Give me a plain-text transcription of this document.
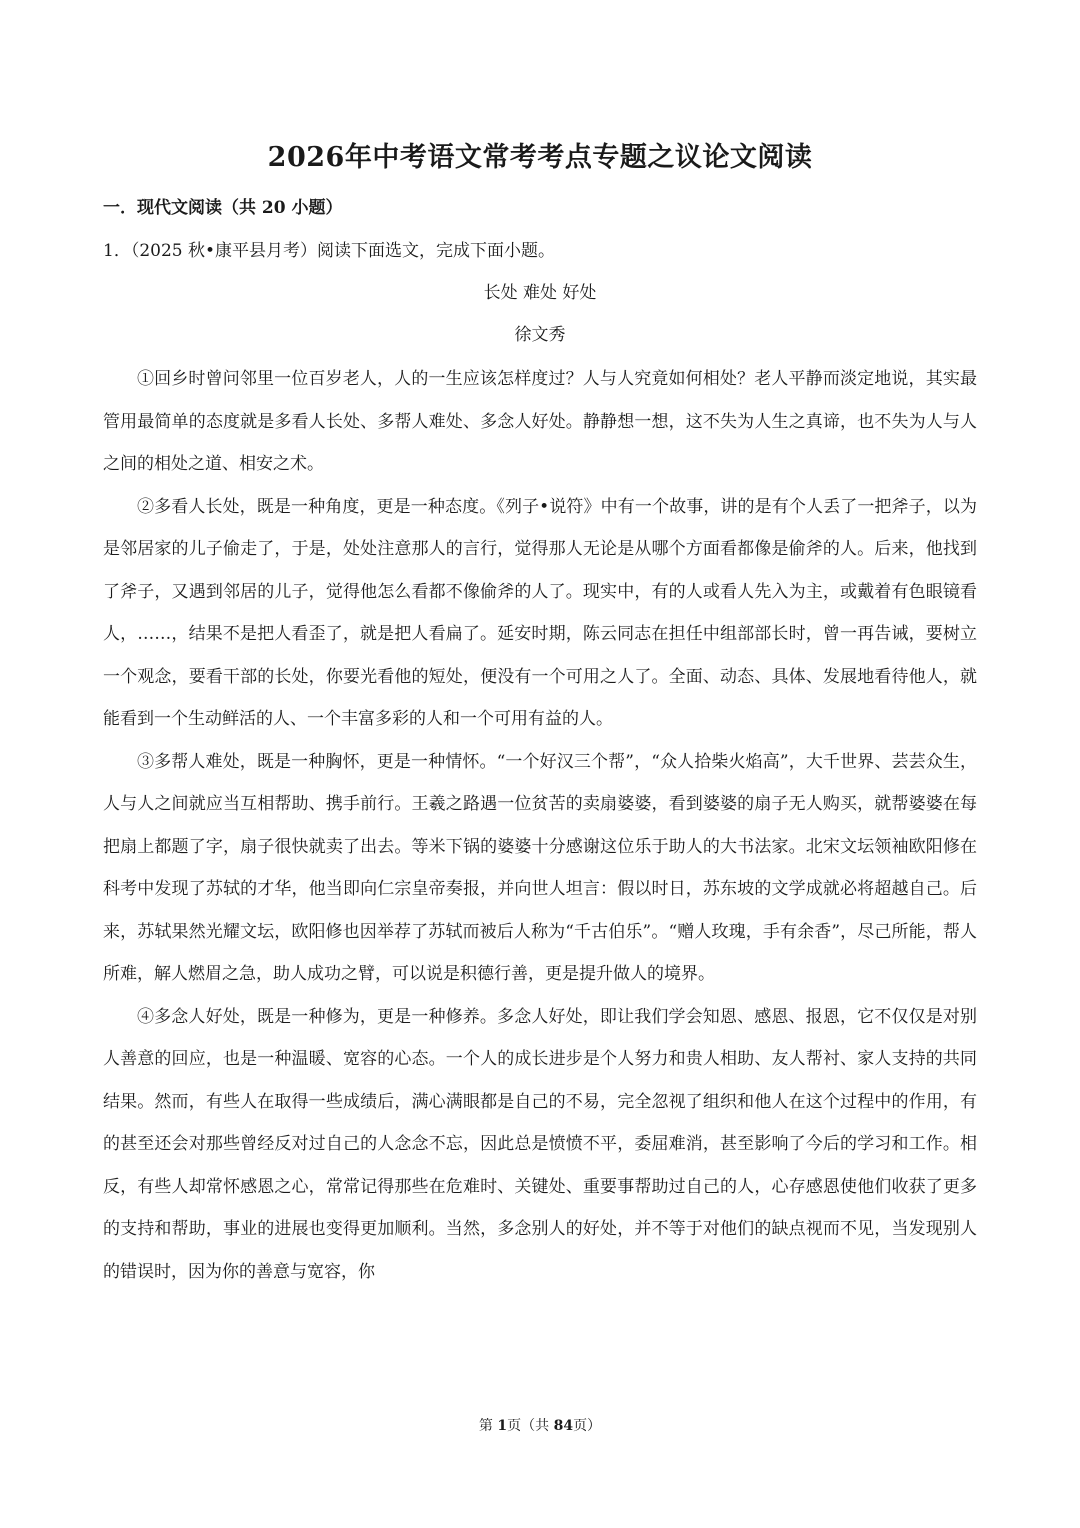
2026年中考语文常考考点专题之议论文阅读
一．现代文阅读（共 20 小题）
1．（2025 秋•康平县月考）阅读下面选文，完成下面小题。
长处 难处 好处
徐文秀

①回乡时曾问邻里一位百岁老人，人的一生应该怎样度过？人与人究竟如何相处？老人平静而淡定地说，其实最管用最简单的态度就是多看人长处、多帮人难处、多念人好处。静静想一想，这不失为人生之真谛，也不失为人与人之间的相处之道、相安之术。

②多看人长处，既是一种角度，更是一种态度。《列子•说符》中有一个故事，讲的是有个人丢了一把斧子，以为是邻居家的儿子偷走了，于是，处处注意那人的言行，觉得那人无论是从哪个方面看都像是偷斧的人。后来，他找到了斧子，又遇到邻居的儿子，觉得他怎么看都不像偷斧的人了。现实中，有的人或看人先入为主，或戴着有色眼镜看人，……，结果不是把人看歪了，就是把人看扁了。延安时期，陈云同志在担任中组部部长时，曾一再告诫，要树立一个观念，要看干部的长处，你要光看他的短处，便没有一个可用之人了。全面、动态、具体、发展地看待他人，就能看到一个生动鲜活的人、一个丰富多彩的人和一个可用有益的人。

③多帮人难处，既是一种胸怀，更是一种情怀。“一个好汉三个帮”，“众人拾柴火焰高”，大千世界、芸芸众生，人与人之间就应当互相帮助、携手前行。王羲之路遇一位贫苦的卖扇婆婆，看到婆婆的扇子无人购买，就帮婆婆在每把扇上都题了字，扇子很快就卖了出去。等米下锅的婆婆十分感谢这位乐于助人的大书法家。北宋文坛领袖欧阳修在科考中发现了苏轼的才华，他当即向仁宗皇帝奏报，并向世人坦言：假以时日，苏东坡的文学成就必将超越自己。后来，苏轼果然光耀文坛，欧阳修也因举荐了苏轼而被后人称为“千古伯乐”。“赠人玫瑰，手有余香”，尽己所能，帮人所难，解人燃眉之急，助人成功之臂，可以说是积德行善，更是提升做人的境界。

④多念人好处，既是一种修为，更是一种修养。多念人好处，即让我们学会知恩、感恩、报恩，它不仅仅是对别人善意的回应，也是一种温暖、宽容的心态。一个人的成长进步是个人努力和贵人相助、友人帮衬、家人支持的共同结果。然而，有些人在取得一些成绩后，满心满眼都是自己的不易，完全忽视了组织和他人在这个过程中的作用，有的甚至还会对那些曾经反对过自己的人念念不忘，因此总是愤愤不平，委屈难消，甚至影响了今后的学习和工作。相反，有些人却常怀感恩之心，常常记得那些在危难时、关键处、重要事帮助过自己的人，心存感恩使他们收获了更多的支持和帮助，事业的进展也变得更加顺利。当然，多念别人的好处，并不等于对他们的缺点视而不见，当发现别人的错误时，因为你的善意与宽容，你

第 1页（共 84页）
